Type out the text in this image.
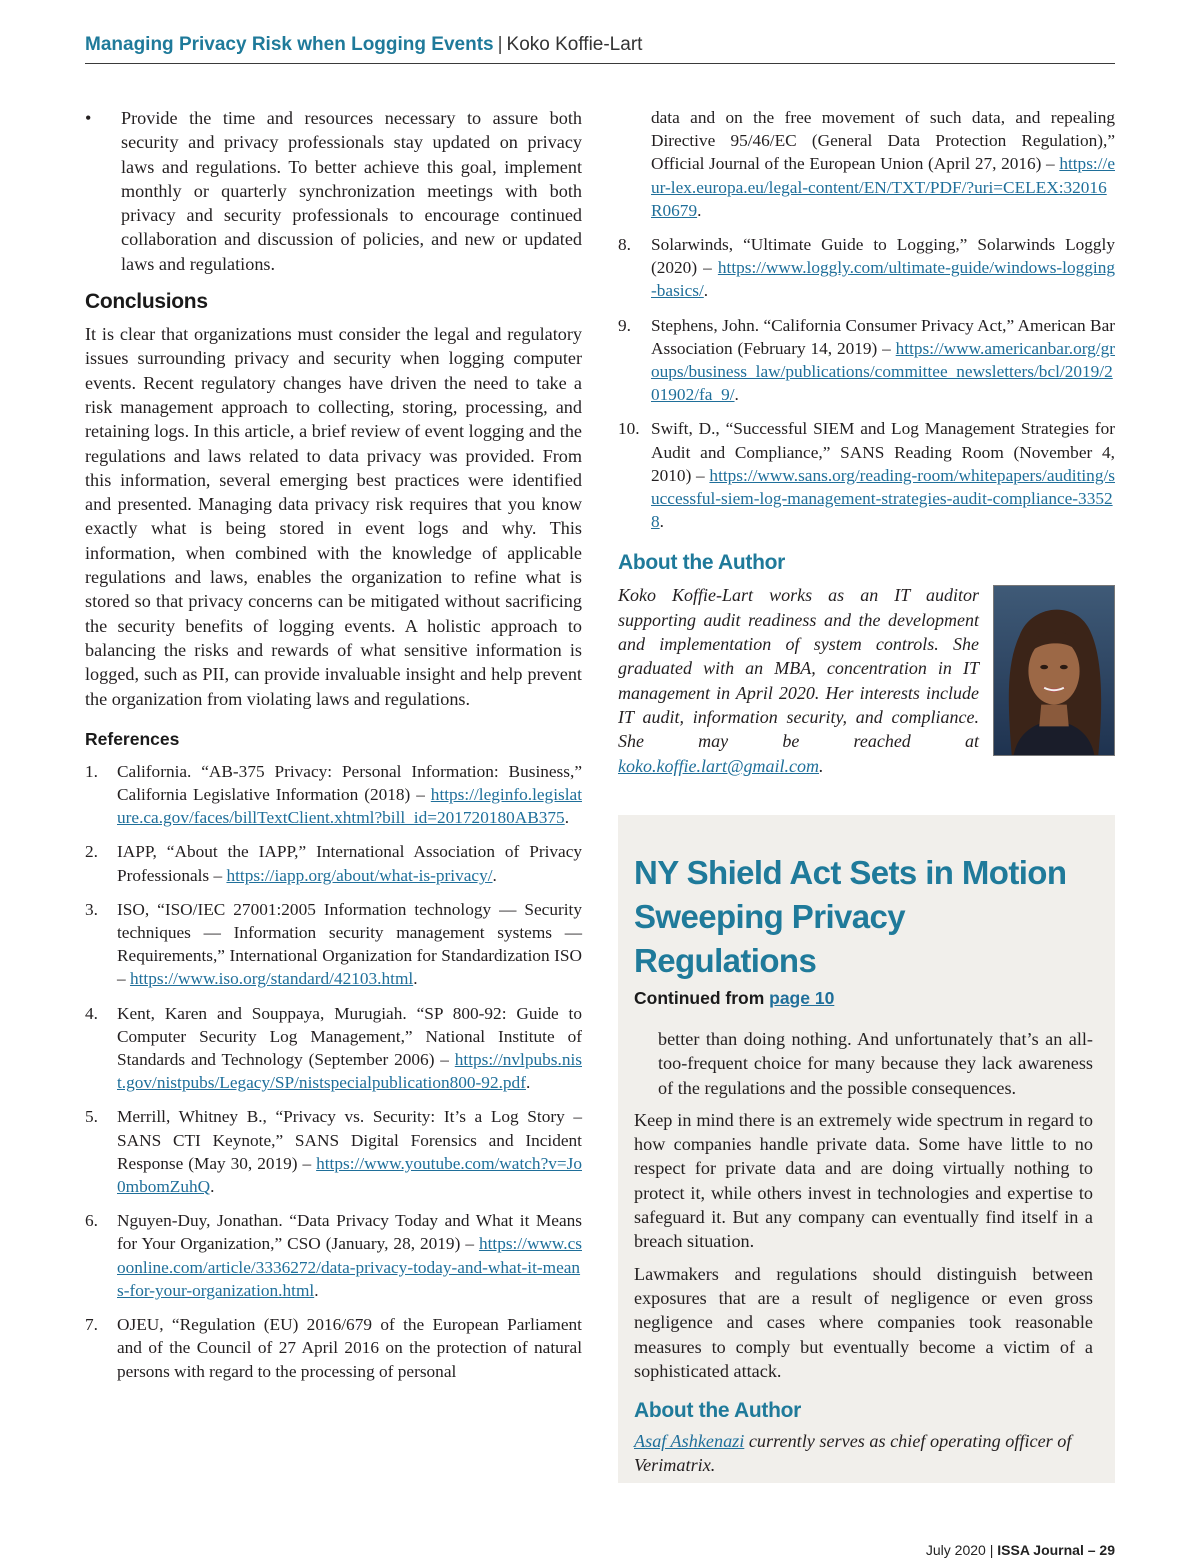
Managing Privacy Risk when Logging Events | Koko Koffie-Lart
• Provide the time and resources necessary to assure both security and privacy professionals stay updated on privacy laws and regulations. To better achieve this goal, implement monthly or quarterly synchronization meetings with both privacy and security professionals to encourage continued collaboration and discussion of policies, and new or updated laws and regulations.
Conclusions

It is clear that organizations must consider the legal and regulatory issues surrounding privacy and security when logging computer events. Recent regulatory changes have driven the need to take a risk management approach to collecting, storing, processing, and retaining logs. In this article, a brief review of event logging and the regulations and laws related to data privacy was provided. From this information, several emerging best practices were identified and presented. Managing data privacy risk requires that you know exactly what is being stored in event logs and why. This information, when combined with the knowledge of applicable regulations and laws, enables the organization to refine what is stored so that privacy concerns can be mitigated without sacrificing the security benefits of logging events. A holistic approach to balancing the risks and rewards of what sensitive information is logged, such as PII, can provide invaluable insight and help prevent the organization from violating laws and regulations.

References
1. California. “AB-375 Privacy: Personal Information: Business,” California Legislative Information (2018) – https://leginfo.legislature.ca.gov/faces/billTextClient.xhtml?bill_id=201720180AB375.
2. IAPP, “About the IAPP,” International Association of Privacy Professionals – https://iapp.org/about/what-is-privacy/.
3. ISO, “ISO/IEC 27001:2005 Information technology — Security techniques — Information security management systems — Requirements,” International Organization for Standardization ISO – https://www.iso.org/standard/42103.html.
4. Kent, Karen and Souppaya, Murugiah. “SP 800-92: Guide to Computer Security Log Management,” National Institute of Standards and Technology (September 2006) – https://nvlpubs.nist.gov/nistpubs/Legacy/SP/nistspecialpublication800-92.pdf.
5. Merrill, Whitney B., “Privacy vs. Security: It’s a Log Story – SANS CTI Keynote,” SANS Digital Forensics and Incident Response (May 30, 2019) – https://www.youtube.com/watch?v=Jo0mbomZuhQ.
6. Nguyen-Duy, Jonathan. “Data Privacy Today and What it Means for Your Organization,” CSO (January, 28, 2019) – https://www.csoonline.com/article/3336272/data-privacy-today-and-what-it-means-for-your-organization.html.
7. OJEU, “Regulation (EU) 2016/679 of the European Parliament and of the Council of 27 April 2016 on the protection of natural persons with regard to the processing of personal
data and on the free movement of such data, and repealing Directive 95/46/EC (General Data Protection Regulation),” Official Journal of the European Union (April 27, 2016) – https://eur-lex.europa.eu/legal-content/EN/TXT/PDF/?uri=CELEX:32016R0679.
8. Solarwinds, “Ultimate Guide to Logging,” Solarwinds Loggly (2020) – https://www.loggly.com/ultimate-guide/windows-logging-basics/.
9. Stephens, John. “California Consumer Privacy Act,” American Bar Association (February 14, 2019) – https://www.americanbar.org/groups/business_law/publications/committee_newsletters/bcl/2019/201902/fa_9/.
10. Swift, D., “Successful SIEM and Log Management Strategies for Audit and Compliance,” SANS Reading Room (November 4, 2010) – https://www.sans.org/reading-room/whitepapers/auditing/successful-siem-log-management-strategies-audit-compliance-33528.
About the Author

Koko Koffie-Lart works as an IT auditor supporting audit readiness and the development and implementation of system controls. She graduated with an MBA, concentration in IT management in April 2020. Her interests include IT audit, information security, and compliance. She may be reached at koko.koffie.lart@gmail.com.

NY Shield Act Sets in Motion
Sweeping Privacy Regulations
Continued from page 10

better than doing nothing. And unfortunately that’s an all-too-frequent choice for many because they lack awareness of the regulations and the possible consequences.

Keep in mind there is an extremely wide spectrum in regard to how companies handle private data. Some have little to no respect for private data and are doing virtually nothing to protect it, while others invest in technologies and expertise to safeguard it. But any company can eventually find itself in a breach situation.

Lawmakers and regulations should distinguish between exposures that are a result of negligence or even gross negligence and cases where companies took reasonable measures to comply but eventually become a victim of a sophisticated attack.

About the Author

Asaf Ashkenazi currently serves as chief operating officer of Verimatrix.

July 2020 | ISSA Journal – 29
